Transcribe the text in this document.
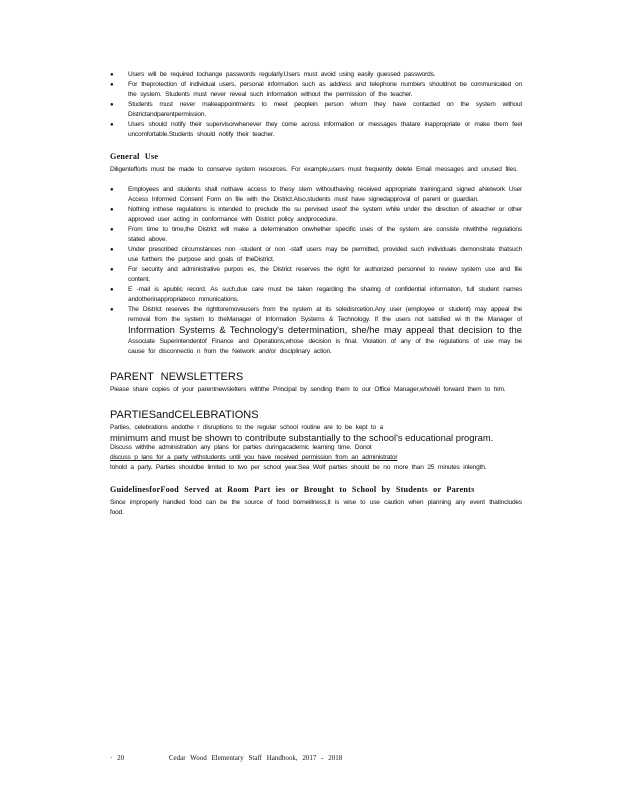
● Users will be required tochange passwords regularly.Users must avoid using easily guessed passwords.
● For theprotection of individual users, personal information such as address and telephone numbers shouldnot be communicated on the system. Students must never reveal such information without the permission of the teacher.
● Students must never makeappointments to meet peoplein person whom they have contacted on the system without Districtandparentpermission.
● Users should notify their supervisorwhenever they come across information or messages thatare inappropriate or make them feel uncomfortable.Students should notify their teacher.
General Use

Diligentefforts must be made to conserve system resources. For example,users must frequently delete Email messages and unused files.

● Employees and students shall nothave access to thesy stem withouthaving received appropriate training;and signed aNetwork User Access Informed Consent Form on file with the District.Also,students must have signedapproval of parent or guardian.
● Nothing inthese regulations is intended to preclude the su pervised useof the system while under the direction of ateacher or other approved user acting in conformance with District policy andprocedure.
● From time to time,the District will make a determination onwhether specific uses of the system are consiste ntwiththe regulations stated above.
● Under prescribed circumstances non -student or non -staff users may be permitted, provided such individuals demonstrate thatsuch use furthers the purpose and goals of theDistrict.
● For security and administrative purpos es, the District reserves the right for authorized personnel to review system use and file content.
● E -mail is apublic record. As such,due care must be taken regarding the sharing of confidential information, full student names andotherinappropriateco mmunications.
● The District reserves the righttoremoveusers from the system at its soledisrcetion.Any user (employee or student) may appeal the removal from the system to theManager of Information Systems & Technology. If the users not satisfied wi th the Manager of Information Systems & Technology's determination, she/he may appeal that decision to the Associate Superintendentof Finance and Operations,whose decision is final. Violation of any of the regulations of use may be cause for disconnectio n from the Network and/or disciplinary action.
PARENT NEWSLETTERS

Please share copies of your parentnewsletters withthe Principal by sending them to our Office Manager,whowill forward them to him.

PARTIESandCELEBRATIONS
Parties, celebrations andothe r disruptions to the regular school routine are to be kept to a
minimum and must be shown to contribute substantially to the school's educational program.
Discuss withthe administration any plans for parties duringacademic learning time. Donot
discuss p lans for a party withstudents until you have received permission from an administrator
tohold a party. Parties shouldbe limited to two per school year.Sea Wolf parties should be no more than 25 minutes inlength.
GuidelinesforFood Served at Room Part ies or Brought to School by Students or Parents

Since improperly handled food can be the source of food borneillness,it is wise to use caution when planning any event thatincludes food.

· 20	Cedar Wood Elementary Staff Handbook, 2017 - 2018
